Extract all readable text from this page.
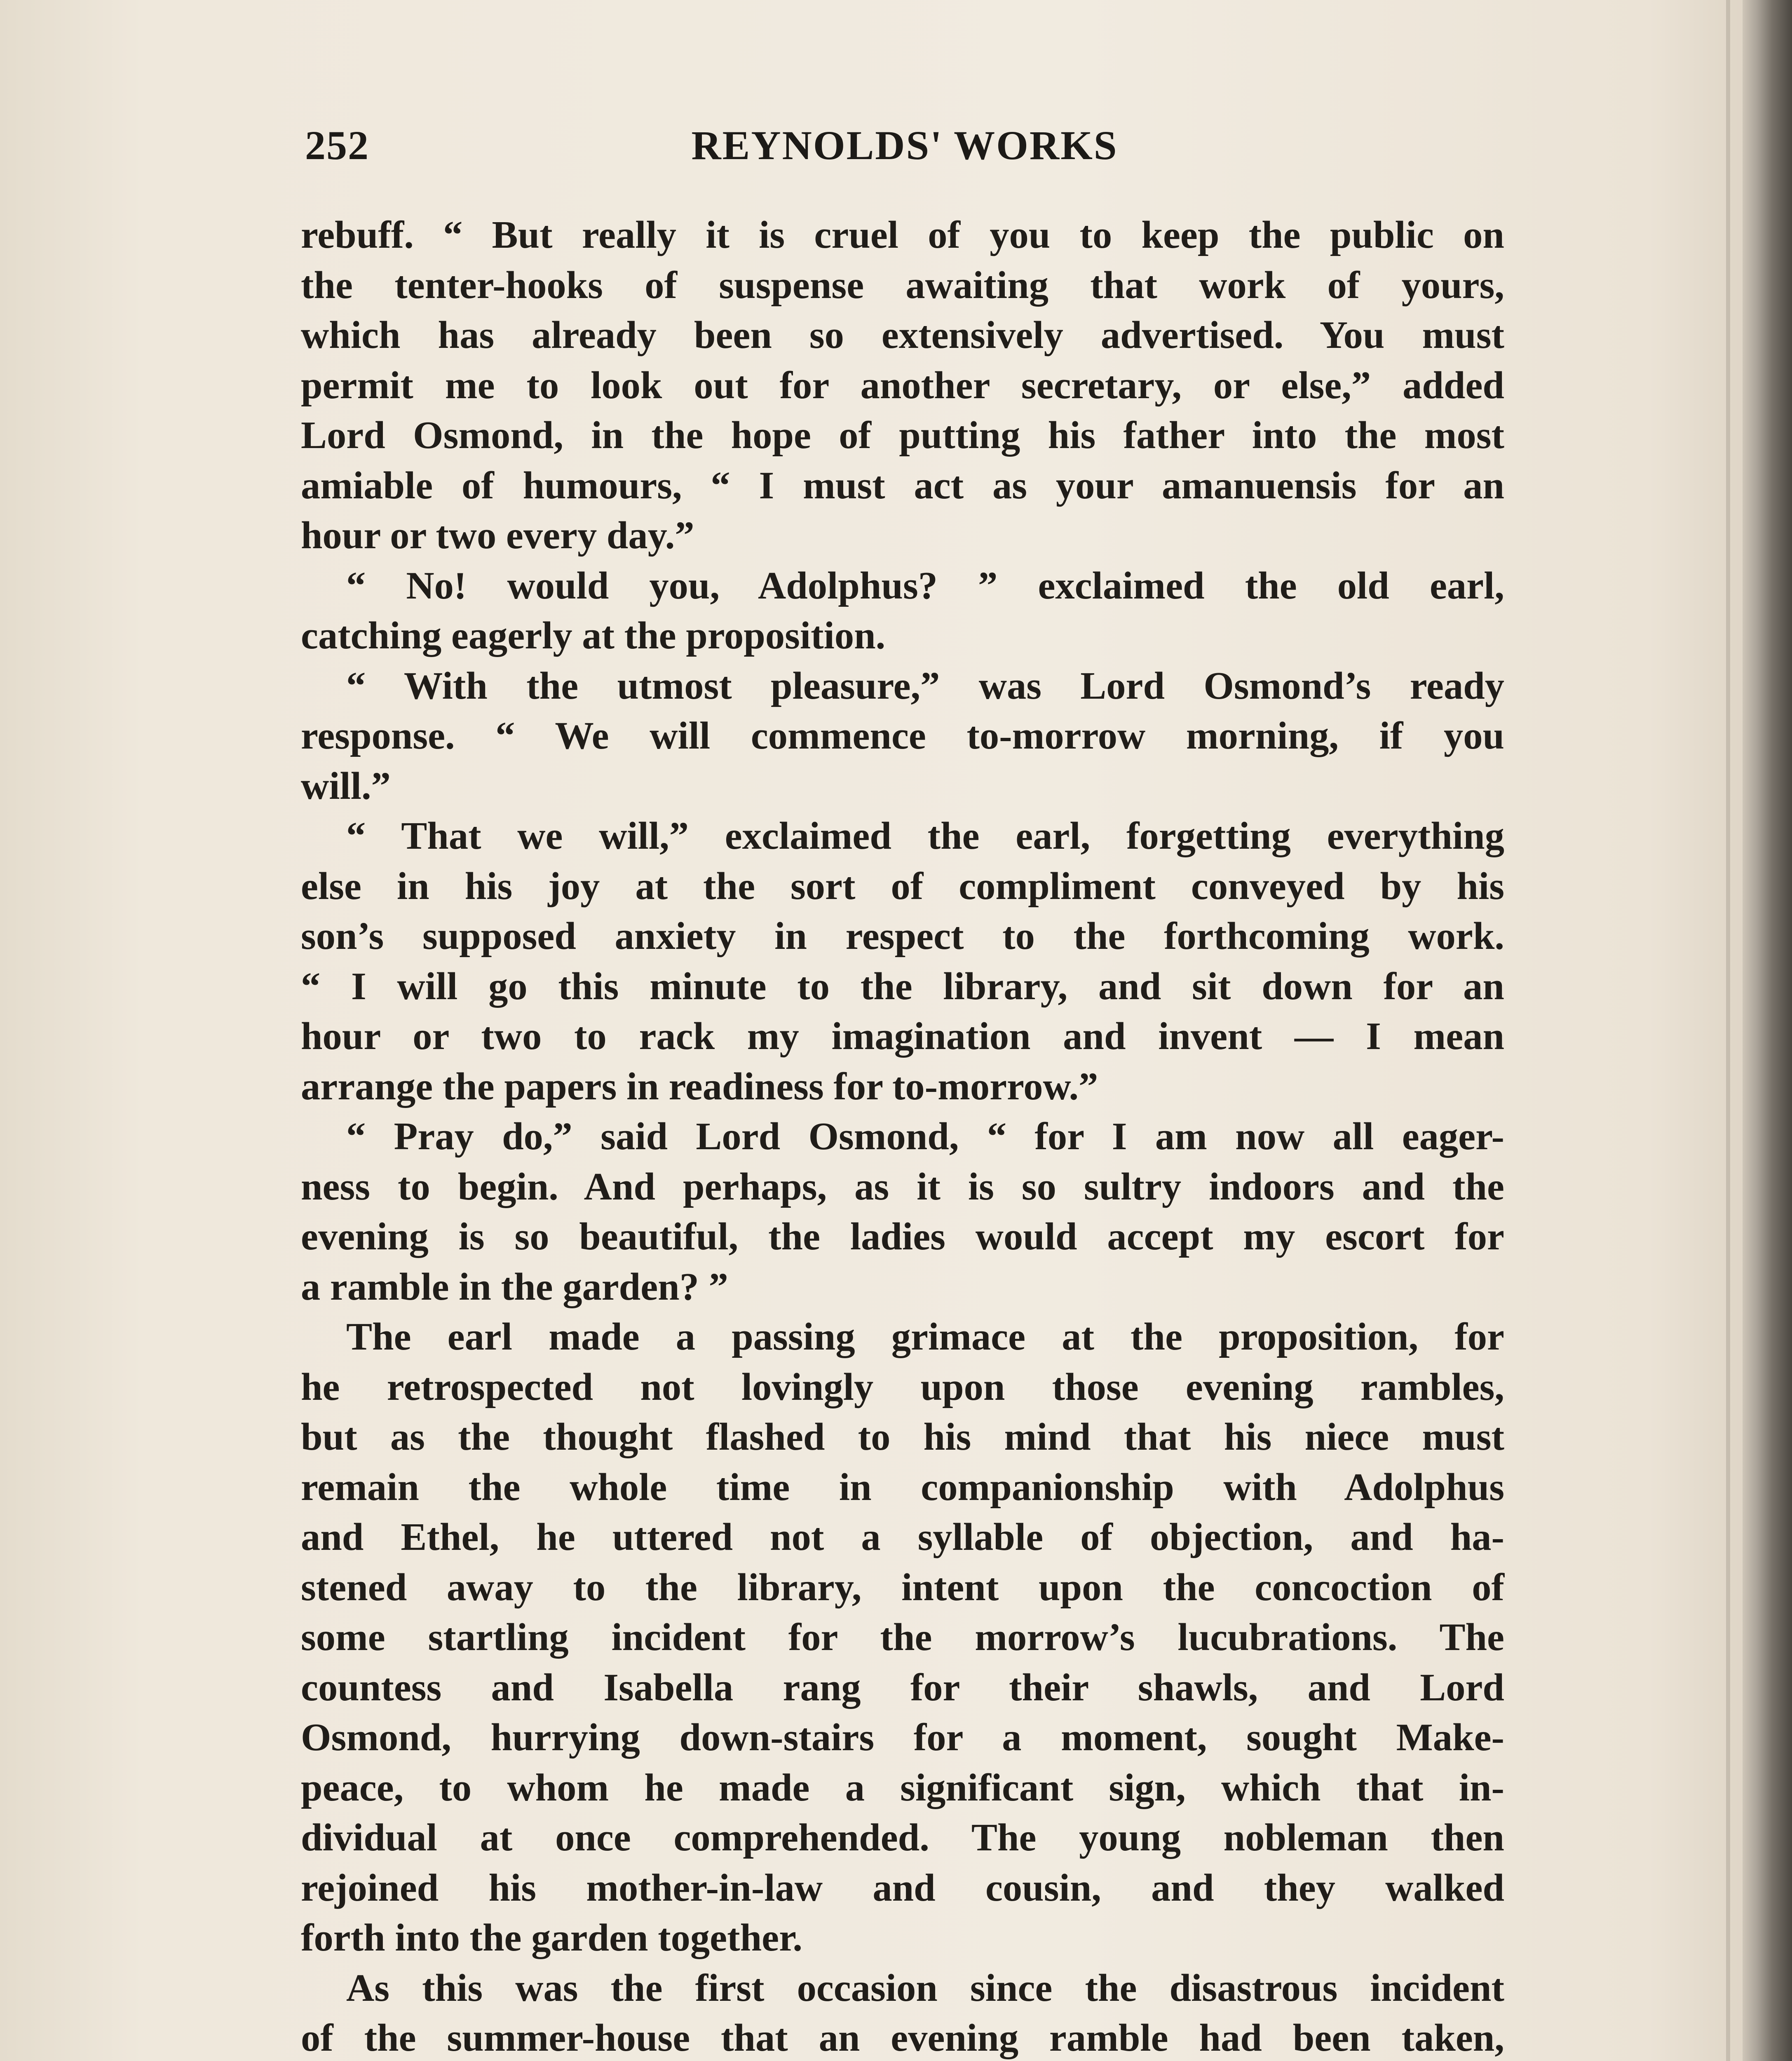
252	REYNOLDS' WORKS

rebuff. “ But really it is cruel of you to keep the public on

the tenter-hooks of suspense awaiting that work of yours,

which has already been so extensively advertised. You must

permit me to look out for another secretary, or else,” added

Lord Osmond, in the hope of putting his father into the most

amiable of humours, “ I must act as your amanuensis for an

hour or two every day.”

“ No! would you, Adolphus? ” exclaimed the old earl,

catching eagerly at the proposition.

“ With the utmost pleasure,” was Lord Osmond’s ready

response. “ We will commence to-morrow morning, if you

will.”

“ That we will,” exclaimed the earl, forgetting everything

else in his joy at the sort of compliment conveyed by his

son’s supposed anxiety in respect to the forthcoming work.

“ I will go this minute to the library, and sit down for an

hour or two to rack my imagination and invent — I mean

arrange the papers in readiness for to-morrow.”

“ Pray do,” said Lord Osmond, “ for I am now all eager-

ness to begin. And perhaps, as it is so sultry indoors and the

evening is so beautiful, the ladies would accept my escort for

a ramble in the garden? ”

The earl made a passing grimace at the proposition, for

he retrospected not lovingly upon those evening rambles,

but as the thought flashed to his mind that his niece must

remain the whole time in companionship with Adolphus

and Ethel, he uttered not a syllable of objection, and ha-

stened away to the library, intent upon the concoction of

some startling incident for the morrow’s lucubrations. The

countess and Isabella rang for their shawls, and Lord

Osmond, hurrying down-stairs for a moment, sought Make-

peace, to whom he made a significant sign, which that in-

dividual at once comprehended. The young nobleman then

rejoined his mother-in-law and cousin, and they walked

forth into the garden together.

As this was the first occasion since the disastrous incident

of the summer-house that an evening ramble had been taken,
